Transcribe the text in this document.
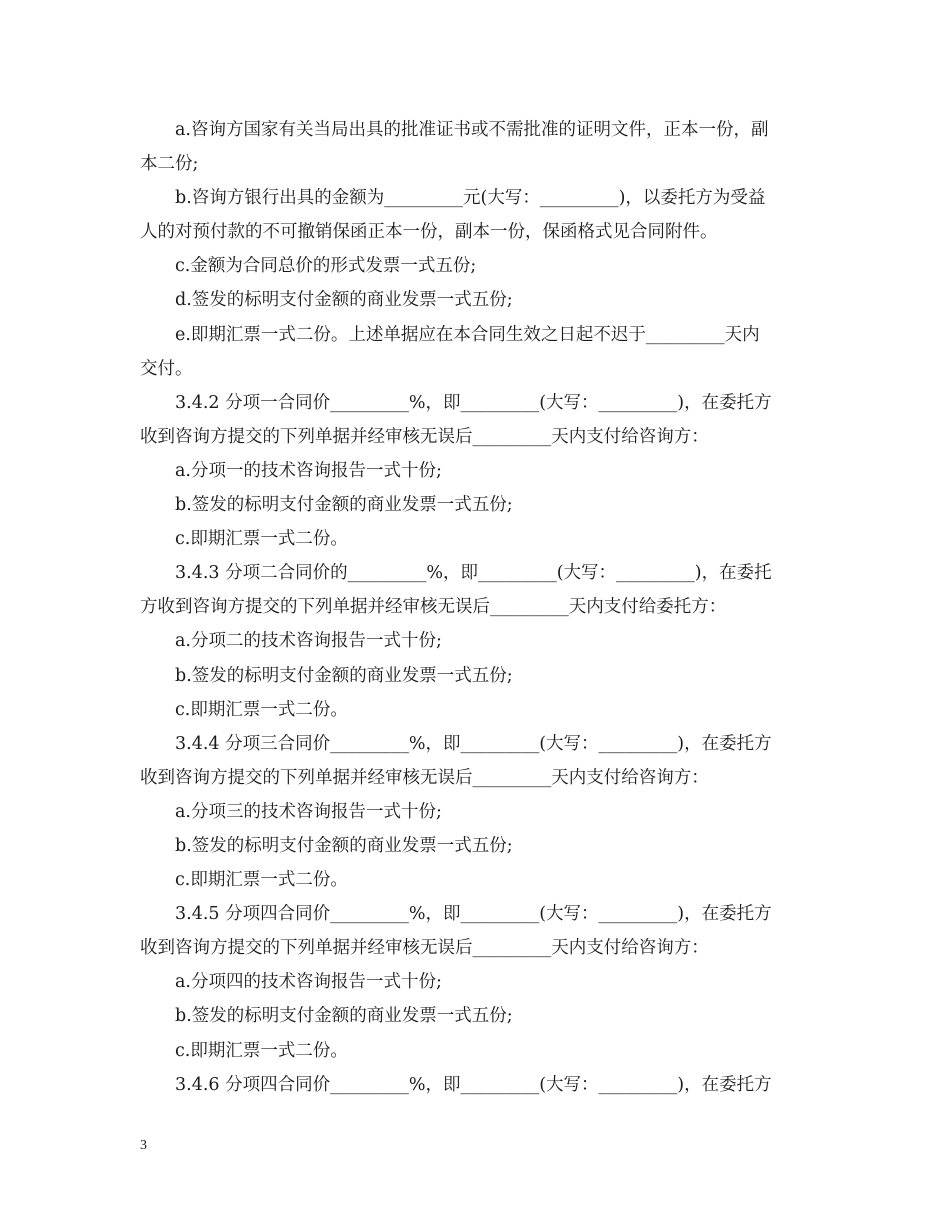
a.咨询方国家有关当局出具的批准证书或不需批准的证明文件，正本一份，副
本二份;
b.咨询方银行出具的金额为_________元(大写：_________)，以委托方为受益
人的对预付款的不可撤销保函正本一份，副本一份，保函格式见合同附件。
c.金额为合同总价的形式发票一式五份;
d.签发的标明支付金额的商业发票一式五份;
e.即期汇票一式二份。上述单据应在本合同生效之日起不迟于_________天内
交付。
3.4.2 分项一合同价_________%，即_________(大写：_________)，在委托方
收到咨询方提交的下列单据并经审核无误后_________天内支付给咨询方：
a.分项一的技术咨询报告一式十份;
b.签发的标明支付金额的商业发票一式五份;
c.即期汇票一式二份。
3.4.3 分项二合同价的_________%，即_________(大写：_________)，在委托
方收到咨询方提交的下列单据并经审核无误后_________天内支付给委托方：
a.分项二的技术咨询报告一式十份;
b.签发的标明支付金额的商业发票一式五份;
c.即期汇票一式二份。
3.4.4 分项三合同价_________%，即_________(大写：_________)，在委托方
收到咨询方提交的下列单据并经审核无误后_________天内支付给咨询方：
a.分项三的技术咨询报告一式十份;
b.签发的标明支付金额的商业发票一式五份;
c.即期汇票一式二份。
3.4.5 分项四合同价_________%，即_________(大写：_________)，在委托方
收到咨询方提交的下列单据并经审核无误后_________天内支付给咨询方：
a.分项四的技术咨询报告一式十份;
b.签发的标明支付金额的商业发票一式五份;
c.即期汇票一式二份。
3.4.6 分项四合同价_________%，即_________(大写：_________)，在委托方
3
